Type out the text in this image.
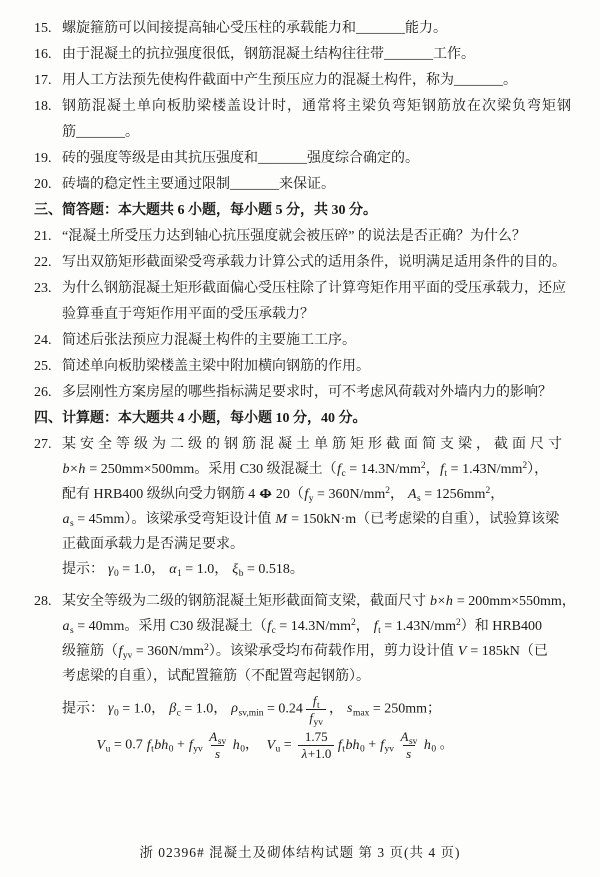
15. 螺旋箍筋可以间接提高轴心受压柱的承载能力和_______能力。
16. 由于混凝土的抗拉强度很低，钢筋混凝土结构往往带_______工作。
17. 用人工方法预先使构件截面中产生预压应力的混凝土构件，称为_______。
18. 钢筋混凝土单向板肋梁楼盖设计时，通常将主梁负弯矩钢筋放在次梁负弯矩钢
筋_______。
19. 砖的强度等级是由其抗压强度和_______强度综合确定的。
20. 砖墙的稳定性主要通过限制_______来保证。
三、简答题：本大题共 6 小题，每小题 5 分，共 30 分。
21. “混凝土所受压力达到轴心抗压强度就会被压碎” 的说法是否正确？为什么？
22. 写出双筋矩形截面梁受弯承载力计算公式的适用条件，说明满足适用条件的目的。
23. 为什么钢筋混凝土矩形截面偏心受压柱除了计算弯矩作用平面的受压承载力，还应
验算垂直于弯矩作用平面的受压承载力？
24. 简述后张法预应力混凝土构件的主要施工工序。
25. 简述单向板肋梁楼盖主梁中附加横向钢筋的作用。
26. 多层刚性方案房屋的哪些指标满足要求时，可不考虑风荷载对外墙内力的影响？
四、计算题：本大题共 4 小题，每小题 10 分，40 分。
27. 某安全等级为二级的钢筋混凝土单筋矩形截面简支梁，截面尺寸
b×h = 250mm×500mm。采用 C30 级混凝土（$f_c = 14.3N/mm^2$，$f_t = 1.43N/mm^2$），
配有 HRB400 级纵向受力钢筋 4 Φ $20(f_y = 360N/mm^2$， $A_s = 1256mm^2$，
$a_s = 45mm$）。该梁承受弯矩设计值 M = 150kN·m（已考虑梁的自重），试验算该梁
正截面承载力是否满足要求。
提示： $\gamma_0 = 1.0$， $\alpha_1 = 1.0$， $\xi_b = 0.518$。
28. 某安全等级为二级的钢筋混凝土矩形截面简支梁，截面尺寸 b×h = 200mm×550mm，
$a_s = 40mm$。采用 C30 级混凝土（$f_c = 14.3N/mm^2$， $f_t = 1.43N/mm^2$）和 HRB400
级箍筋$(f_{yv} = 360N/mm^2)$。该梁承受均布荷载作用，剪力设计值 V = 185kN（已
考虑梁的自重），试配置箍筋（不配置弯起钢筋）。
提示： $\gamma_0 = 1.0$， $\beta_c = 1.0$， $\rho_{sv,min} = 0.24 \frac{f_t}{f_{yv}}$ ， $s_{max} = 250mm$；
$V_u = 0.7$ $f_tbh_0 + f_{yv} \frac{A_{sv}}{s} h_0$，　$V_u = \frac{1.75}{\lambda+1.0} f_tbh_0 + f_{yv} \frac{A_{sv}}{s} h_0$ 。
浙 02396# 混凝土及砌体结构试题 第 3 页(共 4 页)
